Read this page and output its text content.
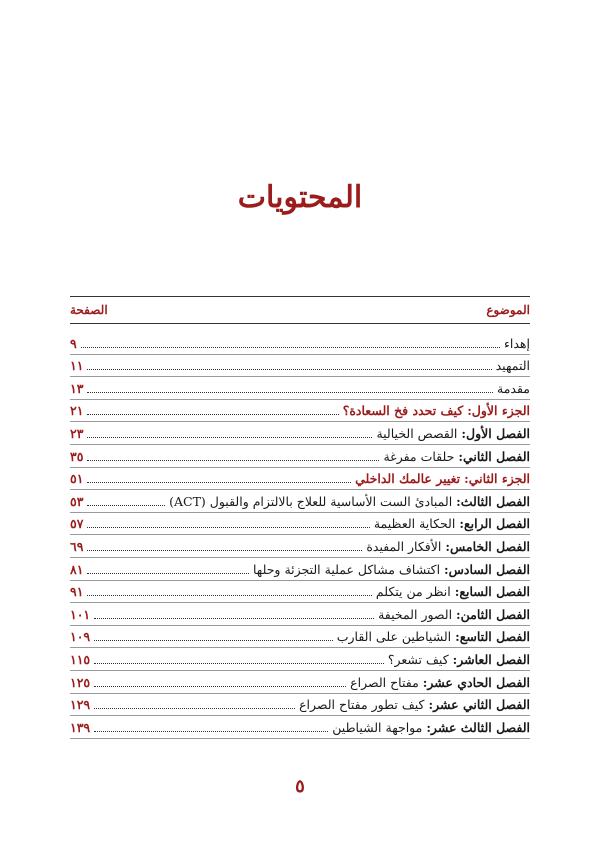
المحتويات
الموضوع
الصفحة
إهداء
٩
التمهيد
١١
مقدمة
١٣
الجزء الأول: كيف تحدد فخ السعادة؟
٢١
الفصل الأول: القصص الخيالية
٢٣
الفصل الثاني: حلقات مفرغة
٣٥
الجزء الثاني: تغيير عالمك الداخلي
٥١
الفصل الثالث: المبادئ الست الأساسية للعلاج بالالتزام والقبول (ACT)
٥٣
الفصل الرابع: الحكاية العظيمة
٥٧
الفصل الخامس: الأفكار المفيدة
٦٩
الفصل السادس: اكتشاف مشاكل عملية التجزئة وحلها
٨١
الفصل السابع: انظر من يتكلم
٩١
الفصل الثامن: الصور المخيفة
١٠١
الفصل التاسع: الشياطين على القارب
١٠٩
الفصل العاشر: كيف تشعر؟
١١٥
الفصل الحادي عشر: مفتاح الصراع
١٢٥
الفصل الثاني عشر: كيف تطور مفتاح الصراع
١٢٩
الفصل الثالث عشر: مواجهة الشياطين
١٣٩
٥
